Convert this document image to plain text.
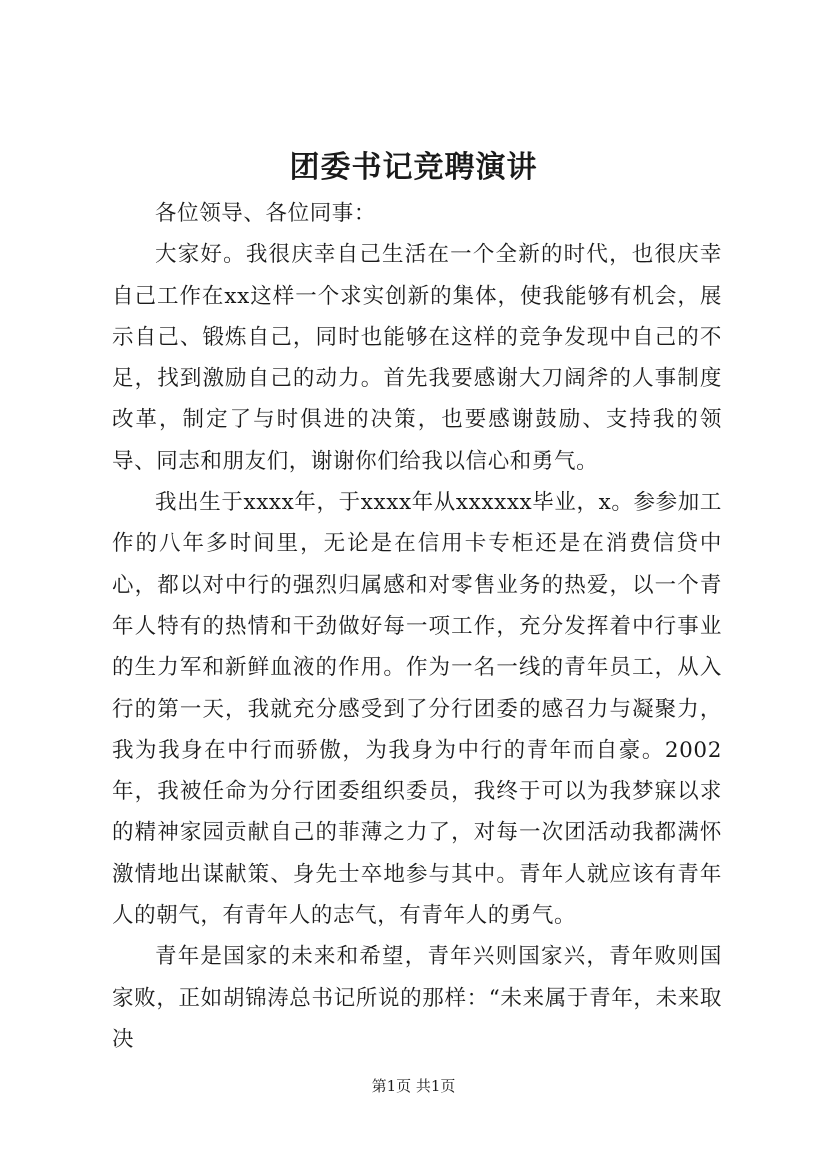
团委书记竞聘演讲

各位领导、各位同事：

大家好。我很庆幸自己生活在一个全新的时代，也很庆幸自己工作在xx这样一个求实创新的集体，使我能够有机会，展示自己、锻炼自己，同时也能够在这样的竞争发现中自己的不足，找到激励自己的动力。首先我要感谢大刀阔斧的人事制度改革，制定了与时俱进的决策，也要感谢鼓励、支持我的领导、同志和朋友们，谢谢你们给我以信心和勇气。

我出生于xxxx年，于xxxx年从xxxxxx毕业，x。参参加工作的八年多时间里，无论是在信用卡专柜还是在消费信贷中心，都以对中行的强烈归属感和对零售业务的热爱，以一个青年人特有的热情和干劲做好每一项工作，充分发挥着中行事业的生力军和新鲜血液的作用。作为一名一线的青年员工，从入行的第一天，我就充分感受到了分行团委的感召力与凝聚力，我为我身在中行而骄傲，为我身为中行的青年而自豪。2002年，我被任命为分行团委组织委员，我终于可以为我梦寐以求的精神家园贡献自己的菲薄之力了，对每一次团活动我都满怀激情地出谋献策、身先士卒地参与其中。青年人就应该有青年人的朝气，有青年人的志气，有青年人的勇气。

青年是国家的未来和希望，青年兴则国家兴，青年败则国家败，正如胡锦涛总书记所说的那样：“未来属于青年，未来取决

第1页 共1页
